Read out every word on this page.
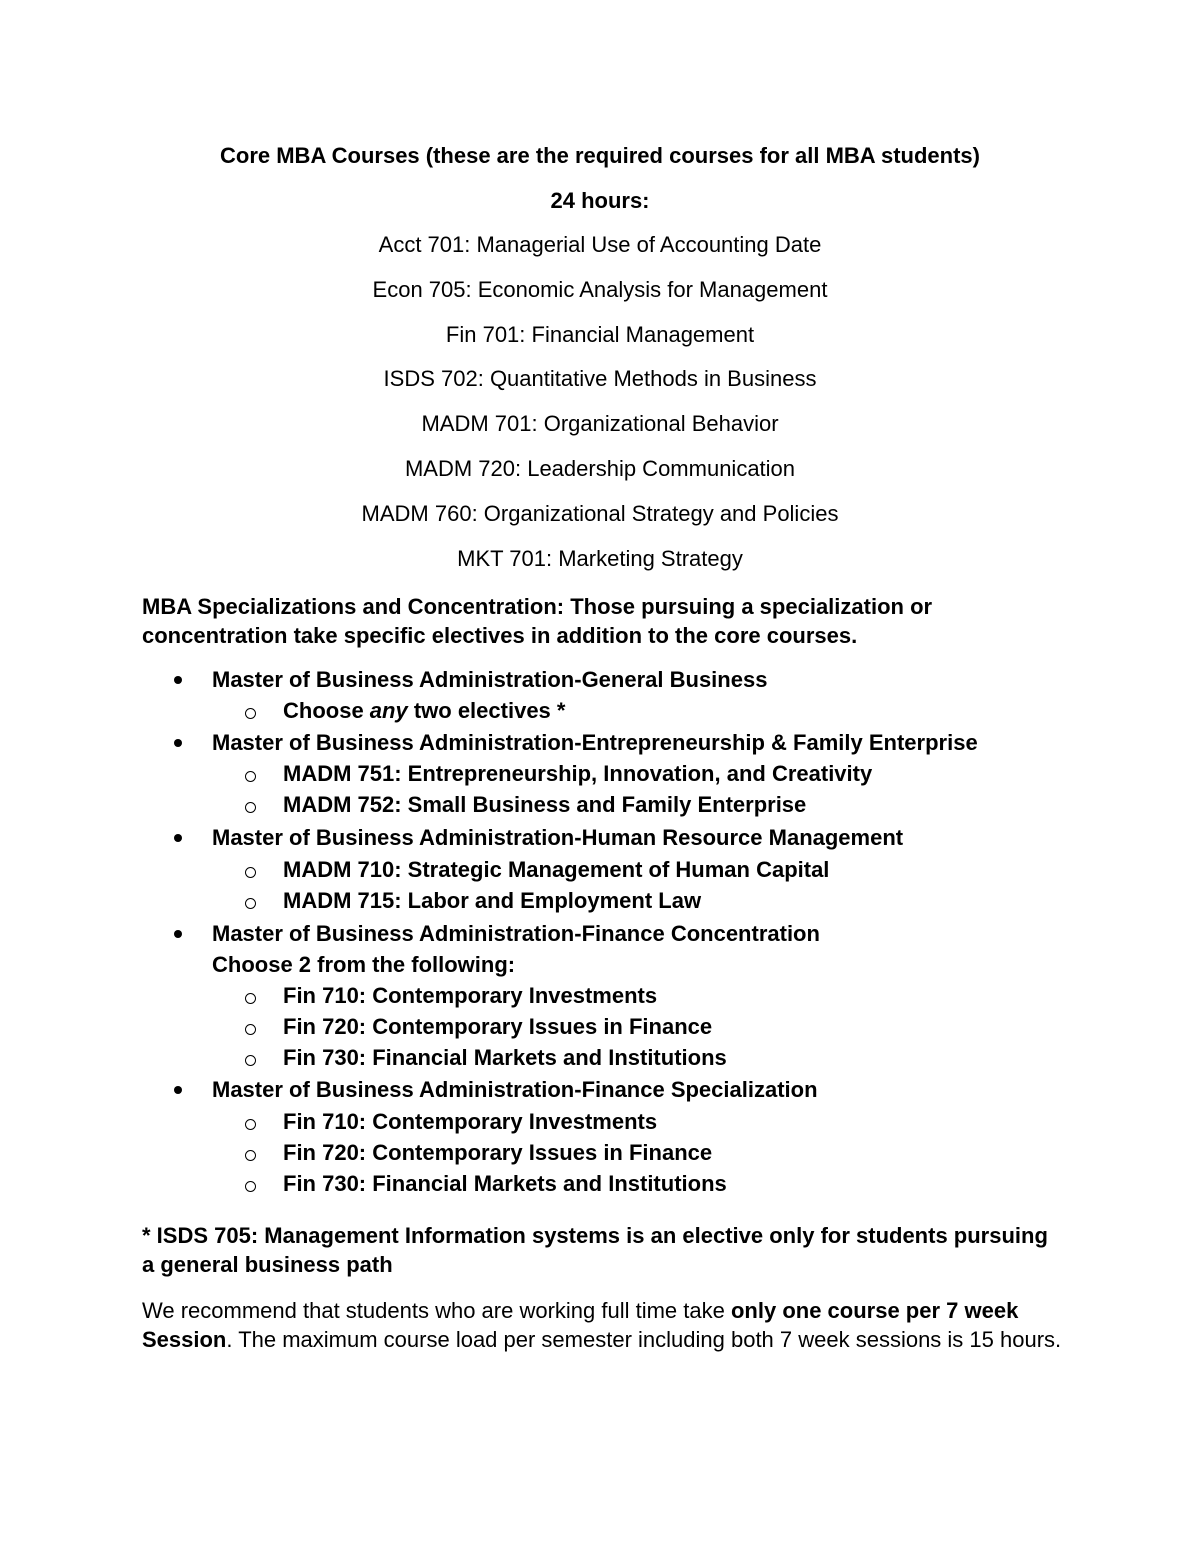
Core MBA Courses (these are the required courses for all MBA students)
24 hours:
Acct 701: Managerial Use of Accounting Date
Econ 705: Economic Analysis for Management
Fin 701: Financial Management
ISDS 702: Quantitative Methods in Business
MADM 701: Organizational Behavior
MADM 720: Leadership Communication
MADM 760: Organizational Strategy and Policies
MKT 701: Marketing Strategy
MBA Specializations and Concentration: Those pursuing a specialization or concentration take specific electives in addition to the core courses.
Master of Business Administration-General Business
Choose any two electives *
Master of Business Administration-Entrepreneurship & Family Enterprise
MADM 751: Entrepreneurship, Innovation, and Creativity
MADM 752: Small Business and Family Enterprise
Master of Business Administration-Human Resource Management
MADM 710: Strategic Management of Human Capital
MADM 715: Labor and Employment Law
Master of Business Administration-Finance Concentration
Choose 2 from the following:
Fin 710: Contemporary Investments
Fin 720: Contemporary Issues in Finance
Fin 730: Financial Markets and Institutions
Master of Business Administration-Finance Specialization
Fin 710: Contemporary Investments
Fin 720: Contemporary Issues in Finance
Fin 730: Financial Markets and Institutions
* ISDS 705: Management Information systems is an elective only for students pursuing a general business path
We recommend that students who are working full time take only one course per 7 week Session. The maximum course load per semester including both 7 week sessions is 15 hours.
